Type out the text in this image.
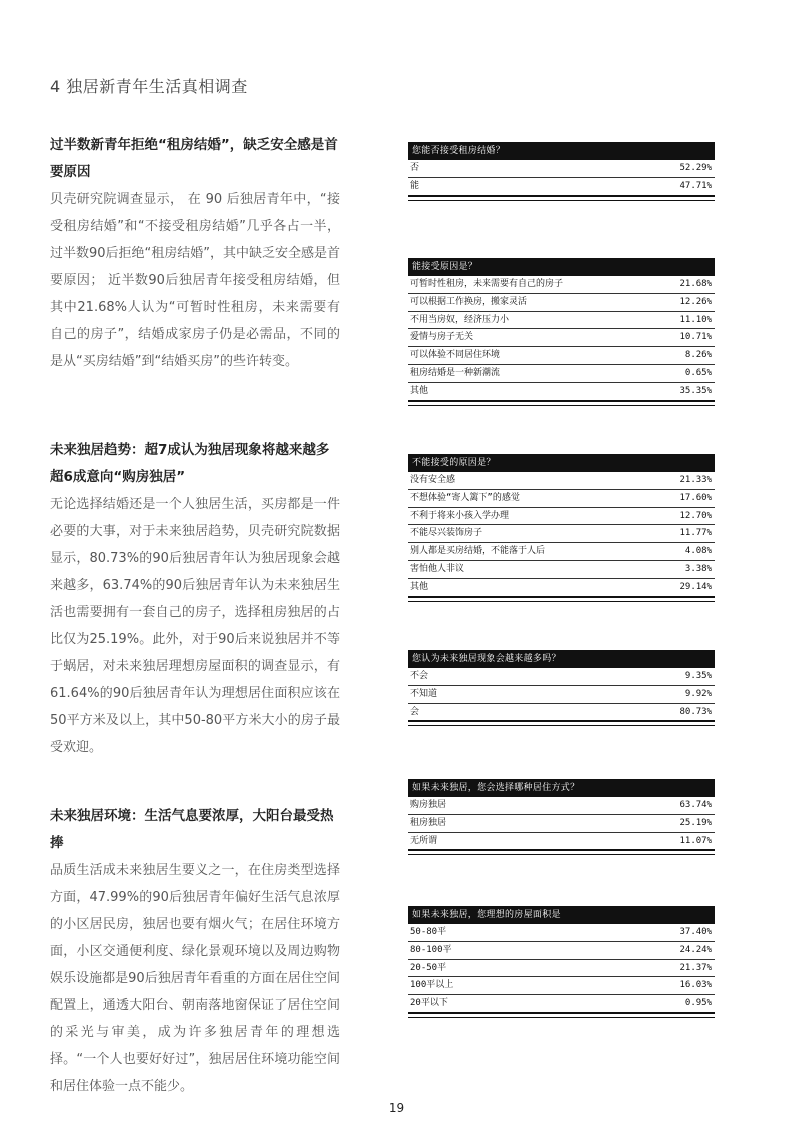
4 独居新青年生活真相调查

过半数新青年拒绝“租房结婚”，缺乏安全感是首要原因

贝壳研究院调查显示， 在 90 后独居青年中，“接受租房结婚”和“不接受租房结婚”几乎各占一半，过半数90后拒绝“租房结婚”，其中缺乏安全感是首要原因； 近半数90后独居青年接受租房结婚，但其中21.68%人认为“可暂时性租房，未来需要有自己的房子”，结婚成家房子仍是必需品，不同的是从“买房结婚”到“结婚买房”的些许转变。

未来独居趋势：超7成认为独居现象将越来越多超6成意向“购房独居”

无论选择结婚还是一个人独居生活，买房都是一件必要的大事，对于未来独居趋势，贝壳研究院数据显示，80.73%的90后独居青年认为独居现象会越来越多，63.74%的90后独居青年认为未来独居生活也需要拥有一套自己的房子，选择租房独居的占比仅为25.19%。此外，对于90后来说独居并不等于蜗居，对未来独居理想房屋面积的调查显示，有61.64%的90后独居青年认为理想居住面积应该在50平方米及以上，其中50-80平方米大小的房子最受欢迎。

未来独居环境：生活气息要浓厚，大阳台最受热捧

品质生活成未来独居生要义之一，在住房类型选择方面，47.99%的90后独居青年偏好生活气息浓厚的小区居民房，独居也要有烟火气；在居住环境方面，小区交通便利度、绿化景观环境以及周边购物娱乐设施都是90后独居青年看重的方面在居住空间配置上，通透大阳台、朝南落地窗保证了居住空间的采光与审美，成为许多独居青年的理想选择。“一个人也要好好过”，独居居住环境功能空间和居住体验一点不能少。

您能否接受租房结婚？
否	52.29%
能	47.71%
能接受原因是？
可暂时性租房，未来需要有自己的房子	21.68%
可以根据工作换房，搬家灵活	12.26%
不用当房奴，经济压力小	11.10%
爱情与房子无关	10.71%
可以体验不同居住环境	8.26%
租房结婚是一种新潮流	0.65%
其他	35.35%
不能接受的原因是？
没有安全感	21.33%
不想体验“寄人篱下”的感觉	17.60%
不利于将来小孩入学办理	12.70%
不能尽兴装饰房子	11.77%
别人都是买房结婚，不能落于人后	4.08%
害怕他人非议	3.38%
其他	29.14%
您认为未来独居现象会越来越多吗？
不会	9.35%
不知道	9.92%
会	80.73%
如果未来独居，您会选择哪种居住方式？
购房独居	63.74%
租房独居	25.19%
无所谓	11.07%
如果未来独居，您理想的房屋面积是
50-80平	37.40%
80-100平	24.24%
20-50平	21.37%
100平以上	16.03%
20平以下	0.95%
19
